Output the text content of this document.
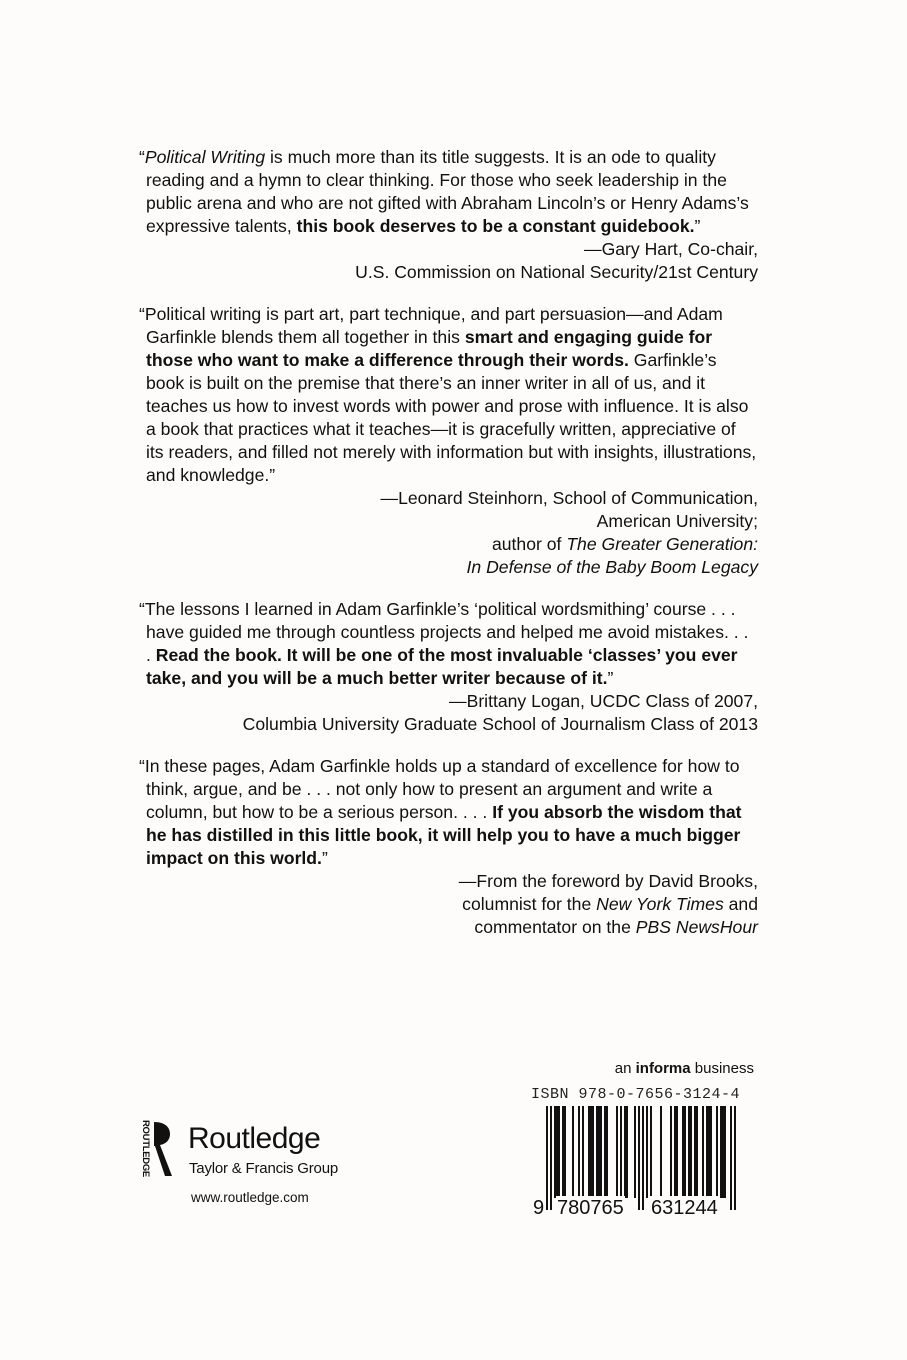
“Political Writing is much more than its title suggests. It is an ode to quality reading and a hymn to clear thinking. For those who seek leadership in the public arena and who are not gifted with Abraham Lincoln’s or Henry Adams’s expressive talents, this book deserves to be a constant guidebook.”

—Gary Hart, Co-chair,
U.S. Commission on National Security/21st Century

“Political writing is part art, part technique, and part persuasion—and Adam Garfinkle blends them all together in this smart and engaging guide for those who want to make a difference through their words. Garfinkle’s book is built on the premise that there’s an inner writer in all of us, and it teaches us how to invest words with power and prose with influence. It is also a book that practices what it teaches—it is gracefully written, appreciative of its readers, and filled not merely with information but with insights, illustrations, and knowledge.”

—Leonard Steinhorn, School of Communication,
American University;
author of The Greater Generation:
In Defense of the Baby Boom Legacy

“The lessons I learned in Adam Garfinkle’s ‘political wordsmithing’ course . . . have guided me through countless projects and helped me avoid mistakes. . . . Read the book. It will be one of the most invaluable ‘classes’ you ever take, and you will be a much better writer because of it.”

—Brittany Logan, UCDC Class of 2007,
Columbia University Graduate School of Journalism Class of 2013

“In these pages, Adam Garfinkle holds up a standard of excellence for how to think, argue, and be . . . not only how to present an argument and write a column, but how to be a serious person. . . . If you absorb the wisdom that he has distilled in this little book, it will help you to have a much bigger impact on this world.”

—From the foreword by David Brooks,
columnist for the New York Times and
commentator on the PBS NewsHour
ROUTLEDGE Routledge
Taylor & Francis Group
www.routledge.com
an informa business
ISBN 978-0-7656-3124-4
9 780765 631244
